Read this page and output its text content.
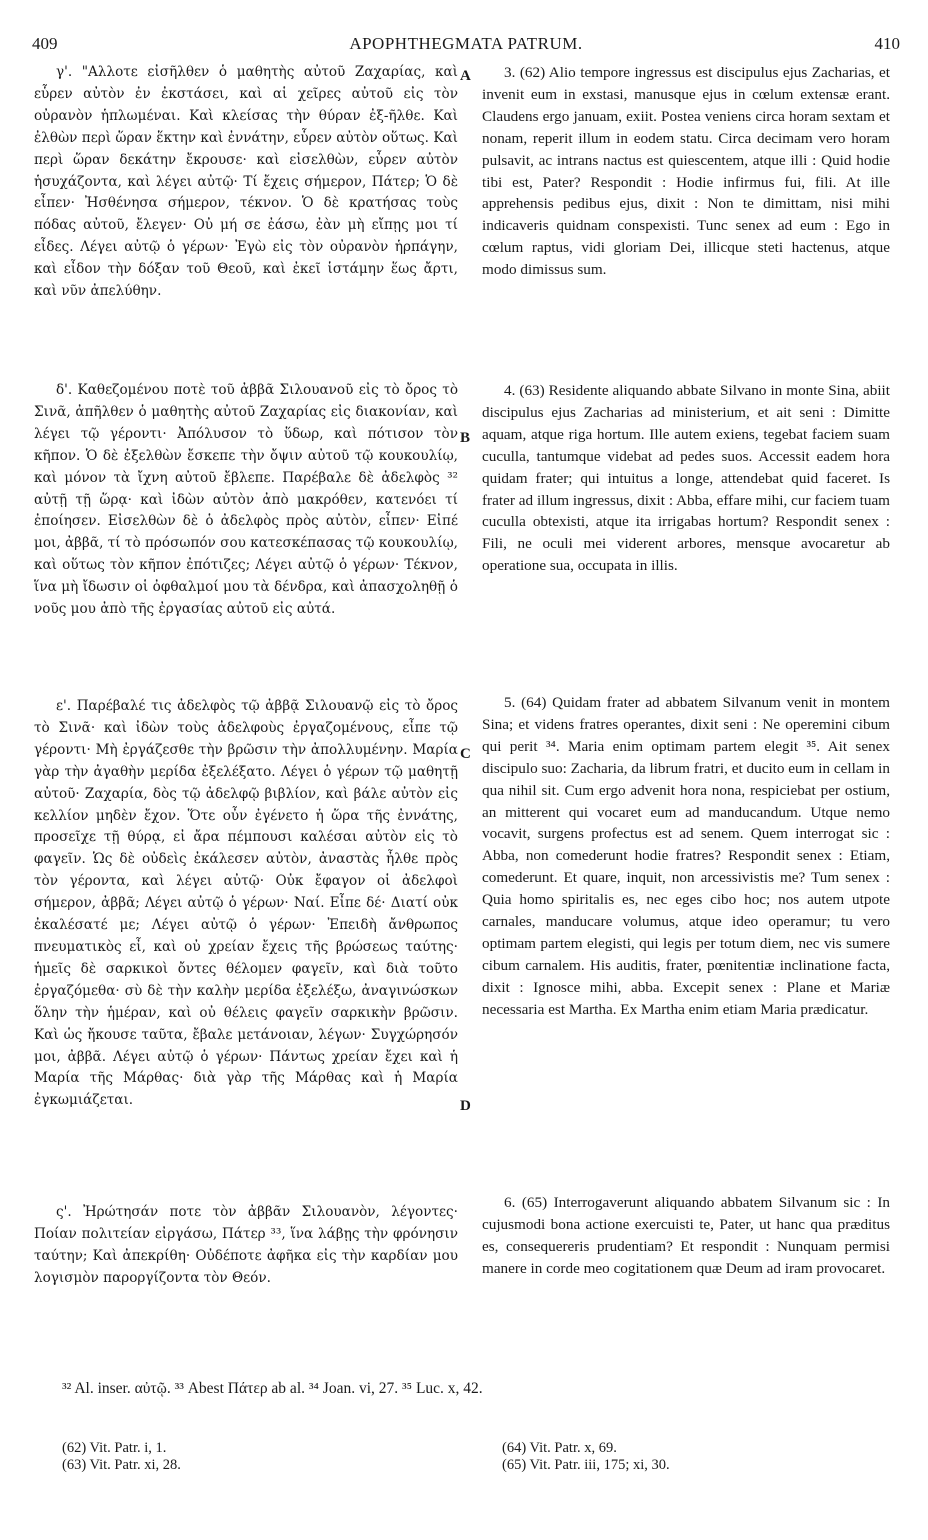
409	APOPHTHEGMATA PATRUM.	410

γ'. "Αλλοτε εἰσῆλθεν ὁ μαθητὴς αὐτοῦ Ζαχαρίας, καὶ εὗρεν αὐτὸν ἐν ἐκστάσει, καὶ αἱ χεῖρες αὐτοῦ εἰς τὸν οὐρανὸν ἡπλωμέναι. Καὶ κλείσας τὴν θύραν ἐξ-ῆλθε. Καὶ ἐλθὼν περὶ ὥραν ἕκτην καὶ ἐννάτην, εὗρεν αὐτὸν οὕτως. Καὶ περὶ ὥραν δεκάτην ἔκρουσε· καὶ εἰσελθὼν, εὗρεν αὐτὸν ἡσυχάζοντα, καὶ λέγει αὐτῷ· Τί ἔχεις σήμερον, Πάτερ; Ὁ δὲ εἶπεν· Ἠσθένησα σήμερον, τέκνον. Ὁ δὲ κρατήσας τοὺς πόδας αὐτοῦ, ἔλεγεν· Οὐ μή σε ἐάσω, ἐὰν μὴ εἴπῃς μοι τί εἶδες. Λέγει αὐτῷ ὁ γέρων· Ἐγὼ εἰς τὸν οὐρανὸν ἡρπάγην, καὶ εἶδον τὴν δόξαν τοῦ Θεοῦ, καὶ ἐκεῖ ἱστάμην ἕως ἄρτι, καὶ νῦν ἀπελύθην.

δ'. Καθεζομένου ποτὲ τοῦ ἀββᾶ Σιλουανοῦ εἰς τὸ ὄρος τὸ Σινᾶ, ἀπῆλθεν ὁ μαθητὴς αὐτοῦ Ζαχαρίας εἰς διακονίαν, καὶ λέγει τῷ γέροντι· Ἀπόλυσον τὸ ὕδωρ, καὶ πότισον τὸν κῆπον. Ὁ δὲ ἐξελθὼν ἔσκεπε τὴν ὄψιν αὐτοῦ τῷ κουκουλίῳ, καὶ μόνον τὰ ἴχνη αὐτοῦ ἔβλεπε. Παρέβαλε δὲ ἀδελφὸς ³² αὐτῇ τῇ ὥρᾳ· καὶ ἰδὼν αὐτὸν ἀπὸ μακρόθεν, κατενόει τί ἐποίησεν. Εἰσελθὼν δὲ ὁ ἀδελφὸς πρὸς αὐτὸν, εἶπεν· Εἰπέ μοι, ἀββᾶ, τί τὸ πρόσωπόν σου κατεσκέπασας τῷ κουκουλίῳ, καὶ οὕτως τὸν κῆπον ἐπότιζες; Λέγει αὐτῷ ὁ γέρων· Τέκνον, ἵνα μὴ ἴδωσιν οἱ ὀφθαλμοί μου τὰ δένδρα, καὶ ἀπασχοληθῇ ὁ νοῦς μου ἀπὸ τῆς ἐργασίας αὐτοῦ εἰς αὐτά.

ε'. Παρέβαλέ τις ἀδελφὸς τῷ ἀββᾷ Σιλουανῷ εἰς τὸ ὄρος τὸ Σινᾶ· καὶ ἰδὼν τοὺς ἀδελφοὺς ἐργαζομένους, εἶπε τῷ γέροντι· Μὴ ἐργάζεσθε τὴν βρῶσιν τὴν ἀπολλυμένην. Μαρία γὰρ τὴν ἀγαθὴν μερίδα ἐξελέξατο. Λέγει ὁ γέρων τῷ μαθητῇ αὐτοῦ· Ζαχαρία, δὸς τῷ ἀδελφῷ βιβλίον, καὶ βάλε αὐτὸν εἰς κελλίον μηδὲν ἔχον. Ὅτε οὖν ἐγένετο ἡ ὥρα τῆς ἐννάτης, προσεῖχε τῇ θύρᾳ, εἰ ἄρα πέμπουσι καλέσαι αὐτὸν εἰς τὸ φαγεῖν. Ὡς δὲ οὐδεὶς ἐκάλεσεν αὐτὸν, ἀναστὰς ἦλθε πρὸς τὸν γέροντα, καὶ λέγει αὐτῷ· Οὐκ ἔφαγον οἱ ἀδελφοὶ σήμερον, ἀββᾶ; Λέγει αὐτῷ ὁ γέρων· Ναί. Εἶπε δέ· Διατί οὐκ ἐκαλέσατέ με; Λέγει αὐτῷ ὁ γέρων· Ἐπειδὴ ἄνθρωπος πνευματικὸς εἶ, καὶ οὐ χρείαν ἔχεις τῆς βρώσεως ταύτης· ἡμεῖς δὲ σαρκικοὶ ὄντες θέλομεν φαγεῖν, καὶ διὰ τοῦτο ἐργαζόμεθα· σὺ δὲ τὴν καλὴν μερίδα ἐξελέξω, ἀναγινώσκων ὅλην τὴν ἡμέραν, καὶ οὐ θέλεις φαγεῖν σαρκικὴν βρῶσιν. Καὶ ὡς ἤκουσε ταῦτα, ἔβαλε μετάνοιαν, λέγων· Συγχώρησόν μοι, ἀββᾶ. Λέγει αὐτῷ ὁ γέρων· Πάντως χρείαν ἔχει καὶ ἡ Μαρία τῆς Μάρθας· διὰ γὰρ τῆς Μάρθας καὶ ἡ Μαρία ἐγκωμιάζεται.

ς'. Ἠρώτησάν ποτε τὸν ἀββᾶν Σιλουανὸν, λέγοντες· Ποίαν πολιτείαν εἰργάσω, Πάτερ ³³, ἵνα λάβῃς τὴν φρόνησιν ταύτην; Καὶ ἀπεκρίθη· Οὐδέποτε ἀφῆκα εἰς τὴν καρδίαν μου λογισμὸν παροργίζοντα τὸν Θεόν.

3. (62) Alio tempore ingressus est discipulus ejus Zacharias, et invenit eum in exstasi, manusque ejus in cœlum extensæ erant. Claudens ergo januam, exiit. Postea veniens circa horam sextam et nonam, reperit illum in eodem statu. Circa decimam vero horam pulsavit, ac intrans nactus est quiescentem, atque illi : Quid hodie tibi est, Pater? Respondit : Hodie infirmus fui, fili. At ille apprehensis pedibus ejus, dixit : Non te dimittam, nisi mihi indicaveris quidnam conspexisti. Tunc senex ad eum : Ego in cœlum raptus, vidi gloriam Dei, illicque steti hactenus, atque modo dimissus sum.

4. (63) Residente aliquando abbate Silvano in monte Sina, abiit discipulus ejus Zacharias ad ministerium, et ait seni : Dimitte aquam, atque riga hortum. Ille autem exiens, tegebat faciem suam cucullа, tantumque videbat ad pedes suos. Accessit eadem hora quidam frater; qui intuitus a longe, attendebat quid faceret. Is frater ad illum ingressus, dixit : Abba, effare mihi, cur faciem tuam cuculla obtexisti, atque ita irrigabas hortum? Respondit senex : Fili, ne oculi mei viderent arbores, mensque avocaretur ab operatione sua, occupata in illis.

5. (64) Quidam frater ad abbatem Silvanum venit in montem Sina; et videns fratres operantes, dixit seni : Ne operemini cibum qui perit ³⁴. Maria enim optimam partem elegit ³⁵. Ait senex discipulo suo: Zacharia, da librum fratri, et ducito eum in cellam in qua nihil sit. Cum ergo advenit hora nona, respiciebat per ostium, an mitterent qui vocaret eum ad manducandum. Utque nemo vocavit, surgens profectus est ad senem. Quem interrogat sic : Abba, non comederunt hodie fratres? Respondit senex : Etiam, comederunt. Et quare, inquit, non arcessivistis me? Tum senex : Quia homo spiritalis es, nec eges cibo hoc; nos autem utpote carnales, manducare volumus, atque ideo operamur; tu vero optimam partem elegisti, qui legis per totum diem, nec vis sumere cibum carnalem. His auditis, frater, pœnitentiæ inclinatione facta, dixit : Ignosce mihi, abba. Excepit senex : Plane et Mariæ necessaria est Martha. Ex Martha enim etiam Maria prædicatur.

6. (65) Interrogaverunt aliquando abbatem Silvanum sic : In cujusmodi bona actione exercuisti te, Pater, ut hanc qua præditus es, consequereris prudentiam? Et respondit : Nunquam permisi manere in corde meo cogitationem quæ Deum ad iram provocaret.

A
B
C
D
³² Al. inser. αὐτῷ. ³³ Abest Πάτερ ab al. ³⁴ Joan. vi, 27. ³⁵ Luc. x, 42.
(62) Vit. Patr. i, 1.
(63) Vit. Patr. xi, 28.
(64) Vit. Patr. x, 69.
(65) Vit. Patr. iii, 175; xi, 30.
